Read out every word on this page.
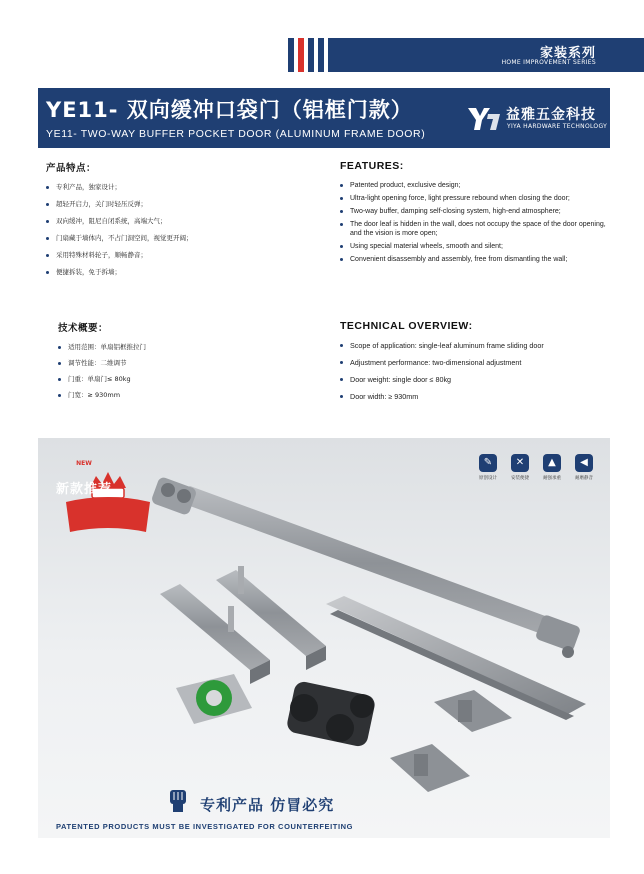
家装系列
HOME IMPROVEMENT SERIES
YE11- 双向缓冲口袋门（铝框门款）
YE11- TWO-WAY BUFFER POCKET DOOR (ALUMINUM FRAME DOOR)
益雅五金科技
YIYA HARDWARE TECHNOLOGY
产品特点：
专利产品，独家设计；
超轻开启力，关门时轻压反弹；
双向缓冲，阻尼自闭系统，高端大气；
门扇藏于墙体内，不占门洞空间，视觉更开阔；
采用特殊材料轮子，顺畅静音；
便捷拆装，免于拆墙；
FEATURES:
Patented product, exclusive design;
Ultra-light opening force, light pressure rebound when closing the door;
Two-way buffer, damping self-closing system, high-end atmosphere;
The door leaf is hidden in the wall, does not occupy the space of the door opening, and the vision is more open;
Using special material wheels, smooth and silent;
Convenient disassembly and assembly, free from dismantling the wall;
技术概要：
适用范围：单扇铝框推拉门
调节性能：二维调节
门重：单扇门≤ 80kg
门宽：≥ 930mm
TECHNICAL OVERVIEW:
Scope of application: single-leaf aluminum frame sliding door
Adjustment performance: two-dimensional adjustment
Door weight: single door ≤ 80kg
Door width: ≥ 930mm
✎
原创设计
✕
安装便捷
▲
耐强承重
◀
耐磨静音
NEW
新款推荐
专利产品 仿冒必究
PATENTED PRODUCTS MUST BE INVESTIGATED FOR COUNTERFEITING
